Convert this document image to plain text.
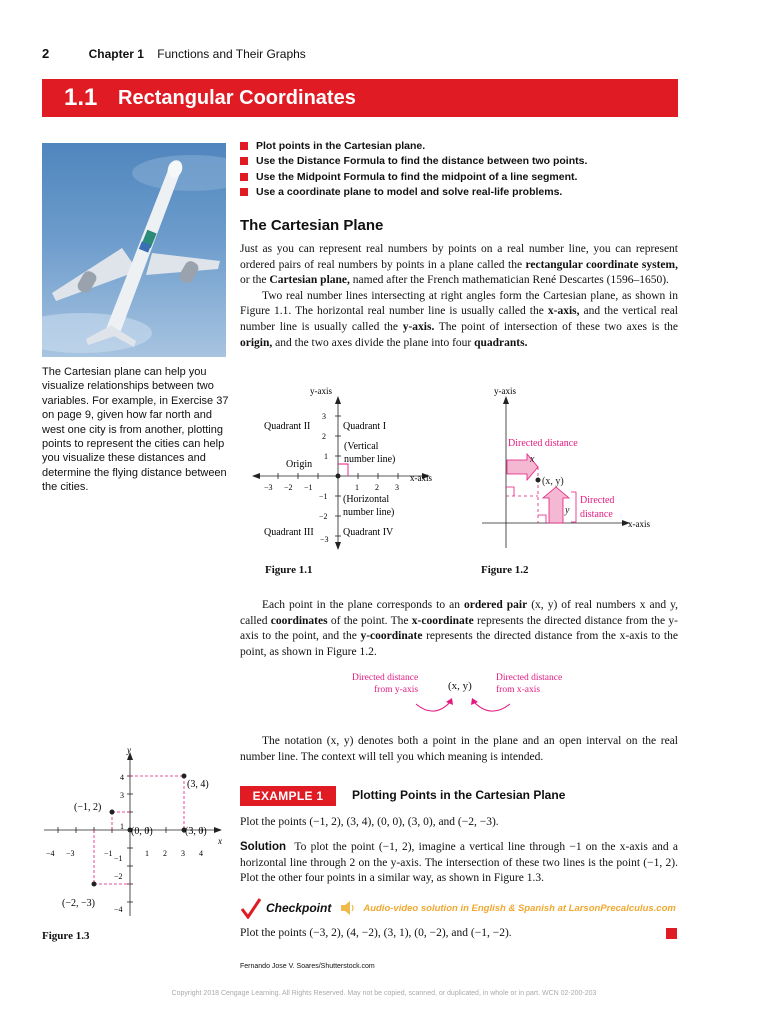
2	Chapter 1 Functions and Their Graphs
1.1 Rectangular Coordinates
The Cartesian plane can help you visualize relationships between two variables. For example, in Exercise 37 on page 9, given how far north and west one city is from another, plotting points to represent the cities can help you visualize these distances and determine the flying distance between the cities.
Plot points in the Cartesian plane.
Use the Distance Formula to find the distance between two points.
Use the Midpoint Formula to find the midpoint of a line segment.
Use a coordinate plane to model and solve real-life problems.
The Cartesian Plane

Just as you can represent real numbers by points on a real number line, you can represent ordered pairs of real numbers by points in a plane called the rectangular coordinate system, or the Cartesian plane, named after the French mathematician René Descartes (1596–1650).

Two real number lines intersecting at right angles form the Cartesian plane, as shown in Figure 1.1. The horizontal real number line is usually called the x-axis, and the vertical real number line is usually called the y-axis. The point of intersection of these two axes is the origin, and the two axes divide the plane into four quadrants.

y-axis
x-axis
Quadrant I
Quadrant II
Quadrant III	Quadrant IV
(Vertical
number line)
(Horizontal
number line)
Origin
3
2
1
−1
−2
−3
−3 −2 −1	1 2 3
Figure 1.1
y-axis
x-axis
Directed distance
x
(x, y)
Directed
distance
y
Figure 1.2
Each point in the plane corresponds to an ordered pair (x, y) of real numbers x and y, called coordinates of the point. The x-coordinate represents the directed distance from the y-axis to the point, and the y-coordinate represents the directed distance from the x-axis to the point, as shown in Figure 1.2.
Directed distance
from y-axis	(x, y)
Directed distance
from x-axis
The notation (x, y) denotes both a point in the plane and an open interval on the real number line. The context will tell you which meaning is intended.
EXAMPLE 1	Plotting Points in the Cartesian Plane
Plot the points (−1, 2), (3, 4), (0, 0), (3, 0), and (−2, −3).
Solution To plot the point (−1, 2), imagine a vertical line through −1 on the x-axis and a horizontal line through 2 on the y-axis. The intersection of these two lines is the point (−1, 2). Plot the other four points in a similar way, as shown in Figure 1.3.
Checkpoint	Audio-video solution in English & Spanish at LarsonPrecalculus.com
Plot the points (−3, 2), (4, −2), (3, 1), (0, −2), and (−1, −2).
y
x
(3, 4)
(−1, 2)
(0, 0)	(3, 0)
(−2, −3)
4
3
1
−1
−2
−4
−4 −3	−1	1 2 3 4
Figure 1.3
Fernando Jose V. Soares/Shutterstock.com
Copyright 2018 Cengage Learning. All Rights Reserved. May not be copied, scanned, or duplicated, in whole or in part. WCN 02-200-203
